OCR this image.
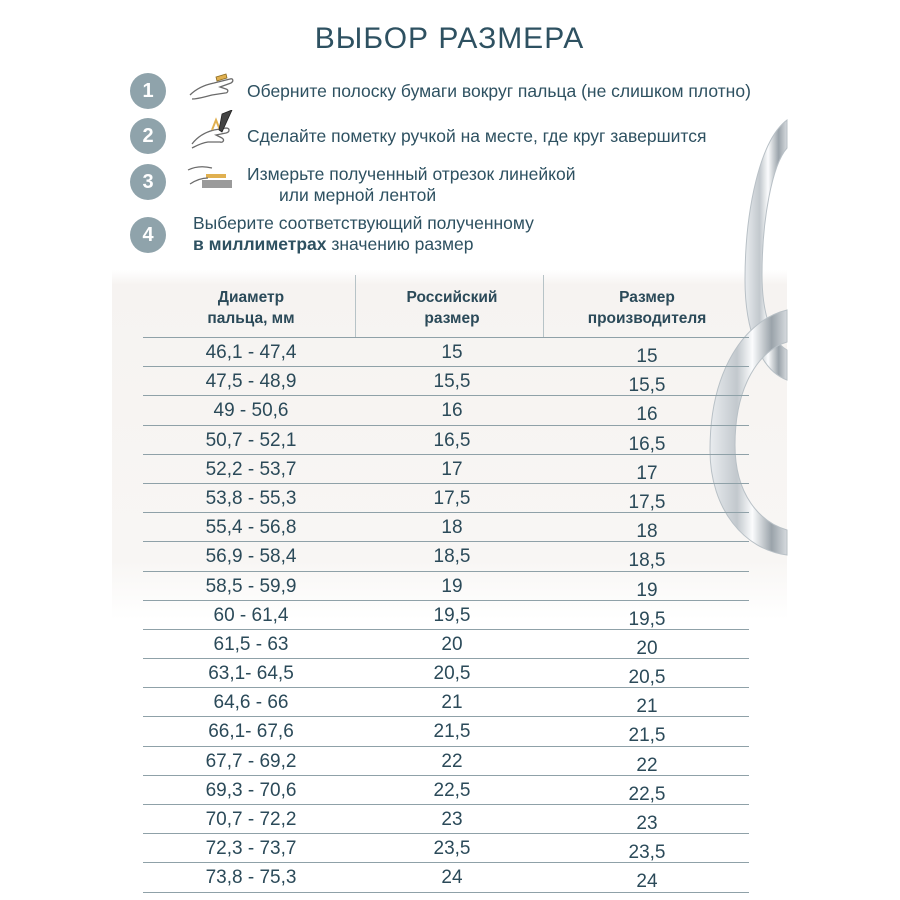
ВЫБОР РАЗМЕРА
1	Оберните полоску бумаги вокруг пальца (не слишком плотно)
2	Сделайте пометку ручкой на месте, где круг завершится
3	Измерьте полученный отрезок линейкой
или мерной лентой
4
Выберите соответствующий полученному
в миллиметрах значению размер
Диаметр
пальца, мм
Российский
размер
Размер
производителя
46,1 - 47,4	15	15
47,5 - 48,9	15,5	15,5
49 - 50,6	16	16
50,7 - 52,1	16,5	16,5
52,2 - 53,7	17	17
53,8 - 55,3	17,5	17,5
55,4 - 56,8	18	18
56,9 - 58,4	18,5	18,5
58,5 - 59,9	19	19
60 - 61,4	19,5	19,5
61,5 - 63	20	20
63,1- 64,5	20,5	20,5
64,6 - 66	21	21
66,1- 67,6	21,5	21,5
67,7 - 69,2	22	22
69,3 - 70,6	22,5	22,5
70,7 - 72,2	23	23
72,3 - 73,7	23,5	23,5
73,8 - 75,3	24	24
